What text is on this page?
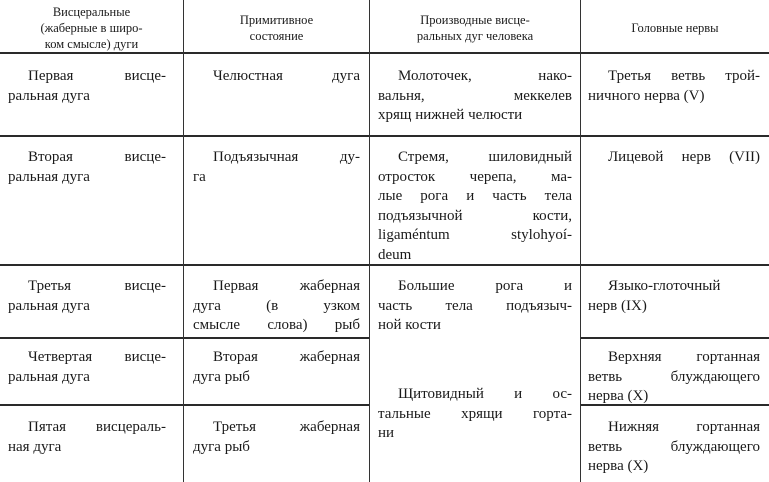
Висцеральные
(жаберные в широ-
ком смысле) дуги
Примитивное
состояние
Производные висце-
ральных дуг человека
Головные нервы
Первая висце-
ральная дуга
Челюстная дуга	Молоточек, нако-
вальня, меккелев
хрящ нижней челюсти
Третья ветвь трой-
ничного нерва (V)
Вторая висце-
ральная дуга
Подъязычная ду-
га
Стремя, шиловидный
отросток черепа, ма-
лые рога и часть тела
подъязычной кости,
ligaméntum stylohyoí-
deum
Лицевой нерв (VII)
Третья висце-
ральная дуга
Первая жаберная
дуга (в узком
смысле слова) рыб
Большие рога и
часть тела подъязыч-
ной кости
Языко-глоточный
нерв (IX)
Четвертая висце-
ральная дуга
Вторая жаберная
дуга рыб
Верхняя гортанная
ветвь блуждающего
нерва (X)
Пятая висцераль-
ная дуга
Третья жаберная
дуга рыб
Нижняя гортанная
ветвь блуждающего
нерва (X)
Щитовидный и ос-
тальные хрящи горта-
ни
